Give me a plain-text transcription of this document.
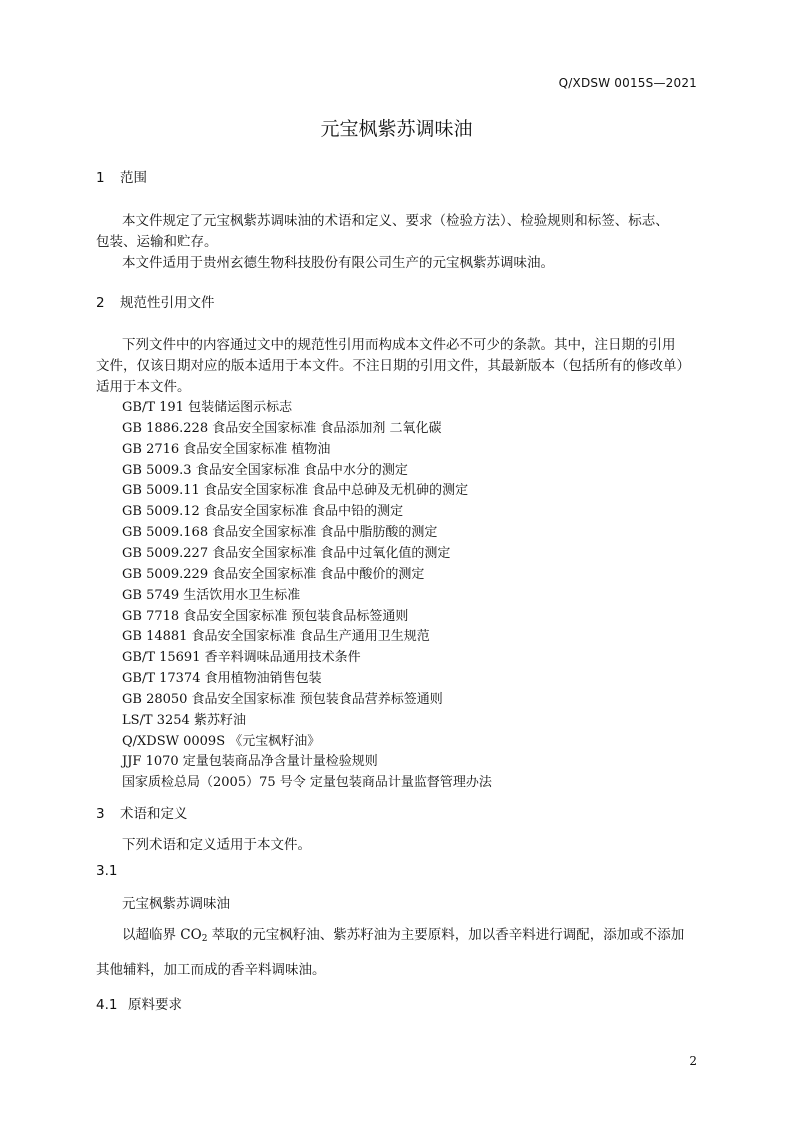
Q/XDSW 0015S—2021
元宝枫紫苏调味油
1 范围
本文件规定了元宝枫紫苏调味油的术语和定义、要求（检验方法）、检验规则和标签、标志、
包装、运输和贮存。
本文件适用于贵州玄德生物科技股份有限公司生产的元宝枫紫苏调味油。
2 规范性引用文件
下列文件中的内容通过文中的规范性引用而构成本文件必不可少的条款。其中，注日期的引用
文件，仅该日期对应的版本适用于本文件。不注日期的引用文件，其最新版本（包括所有的修改单）
适用于本文件。
GB/T 191 包装储运图示标志
GB 1886.228 食品安全国家标准 食品添加剂 二氧化碳
GB 2716 食品安全国家标准 植物油
GB 5009.3 食品安全国家标准 食品中水分的测定
GB 5009.11 食品安全国家标准 食品中总砷及无机砷的测定
GB 5009.12 食品安全国家标准 食品中铅的测定
GB 5009.168 食品安全国家标准 食品中脂肪酸的测定
GB 5009.227 食品安全国家标准 食品中过氧化值的测定
GB 5009.229 食品安全国家标准 食品中酸价的测定
GB 5749 生活饮用水卫生标准
GB 7718 食品安全国家标准 预包装食品标签通则
GB 14881 食品安全国家标准 食品生产通用卫生规范
GB/T 15691 香辛料调味品通用技术条件
GB/T 17374 食用植物油销售包装
GB 28050 食品安全国家标准 预包装食品营养标签通则
LS/T 3254 紫苏籽油
Q/XDSW 0009S 《元宝枫籽油》
JJF 1070 定量包装商品净含量计量检验规则
国家质检总局（2005）75 号令 定量包装商品计量监督管理办法
3 术语和定义
下列术语和定义适用于本文件。
3.1
元宝枫紫苏调味油
以超临界 $CO_2$ 萃取的元宝枫籽油、紫苏籽油为主要原料，加以香辛料进行调配，添加或不添加
其他辅料，加工而成的香辛料调味油。
4.1 原料要求
2
